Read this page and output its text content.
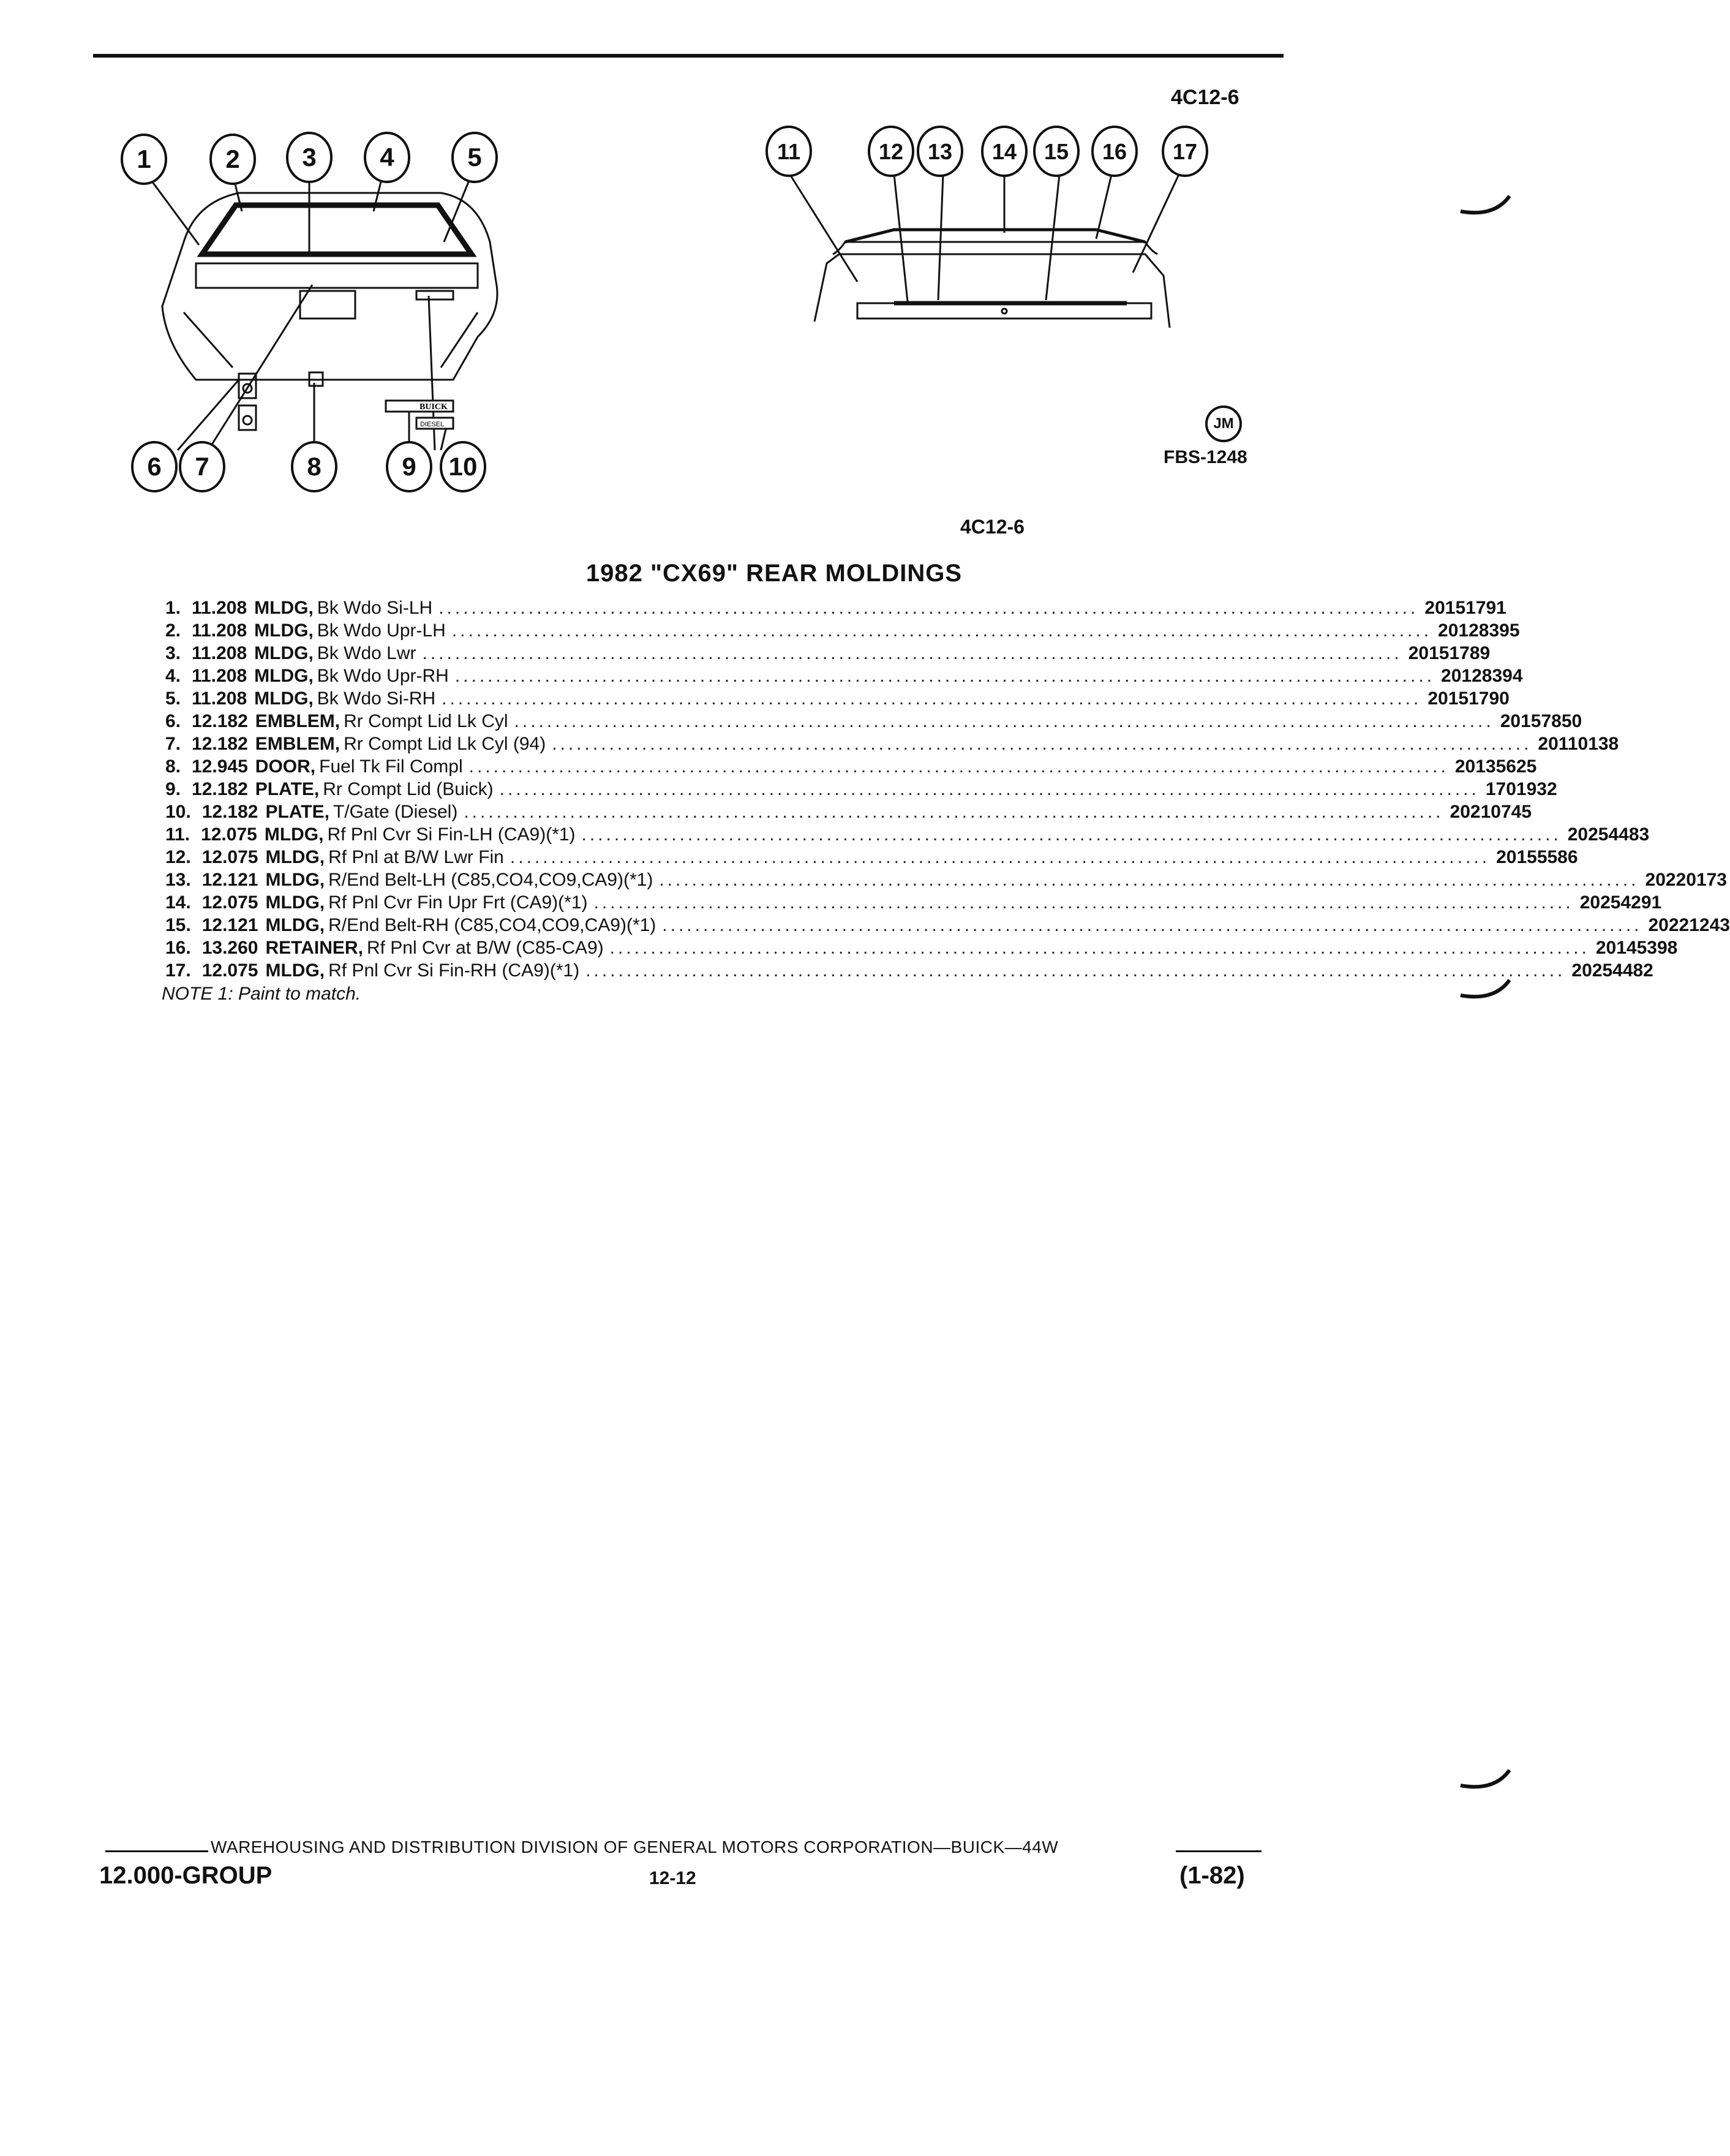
4C12-6
BUICK
DIESEL
1	2 3 4	5
6 7	8	9 10
11	12 13 14 15 16 17
JM
FBS-1248
4C12-6
1982 "CX69" REAR MOLDINGS
1. 11.208 MLDG, Bk Wdo Si-LH ........................................................................................................................ 20151791
2. 11.208 MLDG, Bk Wdo Upr-LH ........................................................................................................................ 20128395
3. 11.208 MLDG, Bk Wdo Lwr ........................................................................................................................ 20151789
4. 11.208 MLDG, Bk Wdo Upr-RH ........................................................................................................................ 20128394
5. 11.208 MLDG, Bk Wdo Si-RH ........................................................................................................................ 20151790
6. 12.182 EMBLEM, Rr Compt Lid Lk Cyl ........................................................................................................................ 20157850
7. 12.182 EMBLEM, Rr Compt Lid Lk Cyl (94) ........................................................................................................................ 20110138
8. 12.945 DOOR, Fuel Tk Fil Compl ........................................................................................................................ 20135625
9. 12.182 PLATE, Rr Compt Lid (Buick) ........................................................................................................................ 1701932
10. 12.182 PLATE, T/Gate (Diesel) ........................................................................................................................ 20210745
11. 12.075 MLDG, Rf Pnl Cvr Si Fin-LH (CA9)(*1) ........................................................................................................................ 20254483
12. 12.075 MLDG, Rf Pnl at B/W Lwr Fin ........................................................................................................................ 20155586
13. 12.121 MLDG, R/End Belt-LH (C85,CO4,CO9,CA9)(*1) ........................................................................................................................ 20220173
14. 12.075 MLDG, Rf Pnl Cvr Fin Upr Frt (CA9)(*1) ........................................................................................................................ 20254291
15. 12.121 MLDG, R/End Belt-RH (C85,CO4,CO9,CA9)(*1) ........................................................................................................................ 20221243
16. 13.260 RETAINER, Rf Pnl Cvr at B/W (C85-CA9) ........................................................................................................................ 20145398
17. 12.075 MLDG, Rf Pnl Cvr Si Fin-RH (CA9)(*1) ........................................................................................................................ 20254482
NOTE 1: Paint to match.
WAREHOUSING AND DISTRIBUTION DIVISION OF GENERAL MOTORS CORPORATION—BUICK—44W
12.000-GROUP	12-12	(1-82)
